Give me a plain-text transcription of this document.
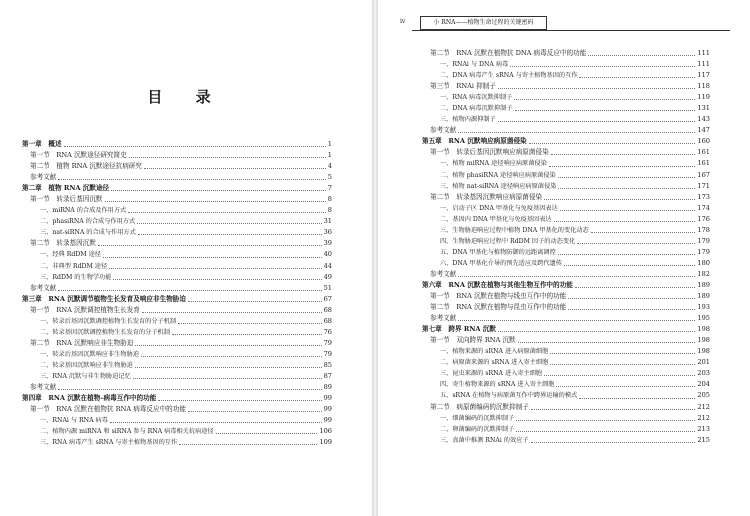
目 录
第一章　概述	1
第一节　RNA 沉默途径研究简史	1
第二节　植物 RNA 沉默途径抗病研究	4
参考文献	5
第二章　植物 RNA 沉默途径	7
第一节　转录后基因沉默	8
一、miRNA 的合成及作用方式	8
二、phasiRNA 的合成与作用方式	31
三、nat-siRNA 的合成与作用方式	36
第二节　转录基因沉默	39
一、经典 RdDM 途径	40
二、非典型 RdDM 途径	44
三、RdDM 的生物学功能	49
参考文献	51
第三章　RNA 沉默调节植物生长发育及响应非生物胁迫	67
第一节　RNA 沉默调控植物生长发育	68
一、转录后基因沉默调控植物生长发育的分子机制	68
二、转录基因沉默调控植物生长发育的分子机制	76
第二节　RNA 沉默响应非生物胁迫	79
一、转录后基因沉默响应非生物胁迫	79
二、转录基因沉默响应非生物胁迫	85
三、RNA 沉默与非生物胁迫记忆	87
参考文献	89
第四章　RNA 沉默在植物–病毒互作中的功能	99
第一节　RNA 沉默在植物抗 RNA 病毒反应中的功能	99
一、RNAi 与 RNA 病毒	99
二、植物内源 miRNA 和 siRNA 参与 RNA 病毒相关抗病途径	106
三、RNA 病毒产生 sRNA 与寄主植物基因的互作	109
第二节　RNA 沉默在植物抗 DNA 病毒反应中的功能	111
一、RNAi 与 DNA 病毒	111
二、DNA 病毒产生 sRNA 与寄主植物基因的互作	117
第三节　RNAi 抑制子	118
一、RNA 病毒沉默抑制子	119
二、DNA 病毒沉默抑制子	131
三、植物内源抑制子	143
参考文献	147
第五章　RNA 沉默响应病原菌侵染	160
第一节　转录后基因沉默响应病原菌侵染	161
一、植物 miRNA 途径响应病原菌侵染	161
二、植物 phasiRNA 途径响应病原菌侵染	167
三、植物 nat-siRNA 途径响应病原菌侵染	171
第二节　转录基因沉默响应病原菌侵染	173
一、启动子区 DNA 甲基化与免疫基因表达	174
二、基因内 DNA 甲基化与免疫基因表达	176
三、生物胁迫响应过程中植物 DNA 甲基化的变化动态	178
四、生物胁迫响应过程中 RdDM 因子的动态变化	179
五、DNA 甲基化与植物防御的远距离调控	179
六、DNA 甲基化介导的预先适应及跨代遗传	180
参考文献	182
第六章　RNA 沉默在植物与其他生物互作中的功能	189
第一节　RNA 沉默在植物与线虫互作中的功能	189
第二节　RNA 沉默在植物与昆虫互作中的功能	193
参考文献	195
第七章　跨界 RNA 沉默	198
第一节　双向跨界 RNA 沉默	198
一、植物来源的 sRNA 进入病原菌细胞	198
二、病原菌来源的 sRNA 进入寄主细胞	201
三、昆虫来源的 sRNA 进入寄主细胞	203
四、寄生植物来源的 sRNA 进入寄主细胞	204
五、sRNA 在植物与病原菌互作中跨界运输的模式	205
第二节　病原菌编码的沉默抑制子	212
一、细菌编码的沉默抑制子	212
二、卵菌编码的沉默抑制子	213
三、真菌中推测 RNAi 的效应子	215
iv	小 RNA——植物生命过程的关键密码
